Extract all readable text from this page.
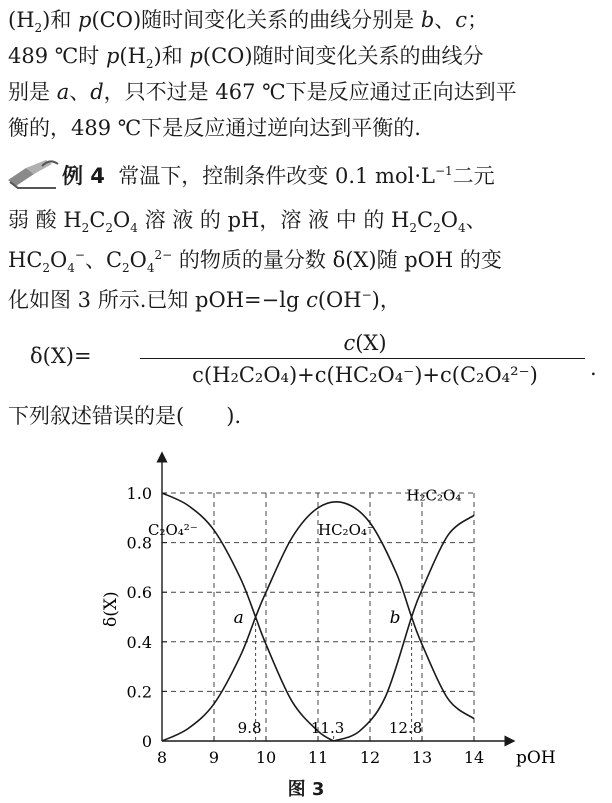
$(H_2)$和 p(CO)随时间变化关系的曲线分别是 b、c；
489 ℃时 $p(H_2)$和 p(CO)随时间变化关系的曲线分
别是 a、d，只不过是 467 ℃下是反应通过正向达到平
衡的，489 ℃下是反应通过逆向达到平衡的.
例 4 常温下，控制条件改变 0.1 $mol\cdot L^{-1}$二元
弱 酸 $H_2C_2O_4$ 溶 液 的 pH，溶 液 中 的 $H_2C_2O_4$、
$HC_2O_4^-$、$C_2O_4^{2-}$ 的物质的量分数 δ(X)随 pOH 的变
化如图 3 所示.已知 pOH=−lg c(OH−)，
δ(X)=
c(X)
c(H₂C₂O₄)+c(HC₂O₄⁻)+c(C₂O₄²⁻)	.
下列叙述错误的是(　　).
8	9 10 11 12 13 14
0
0.2
0.4
0.6
0.8
1.0
pOH
δ(X)
C₂O₄²⁻	HC₂O₄⁻
H₂C₂O₄
a	b
9.8	11.3	12.8
图 3
